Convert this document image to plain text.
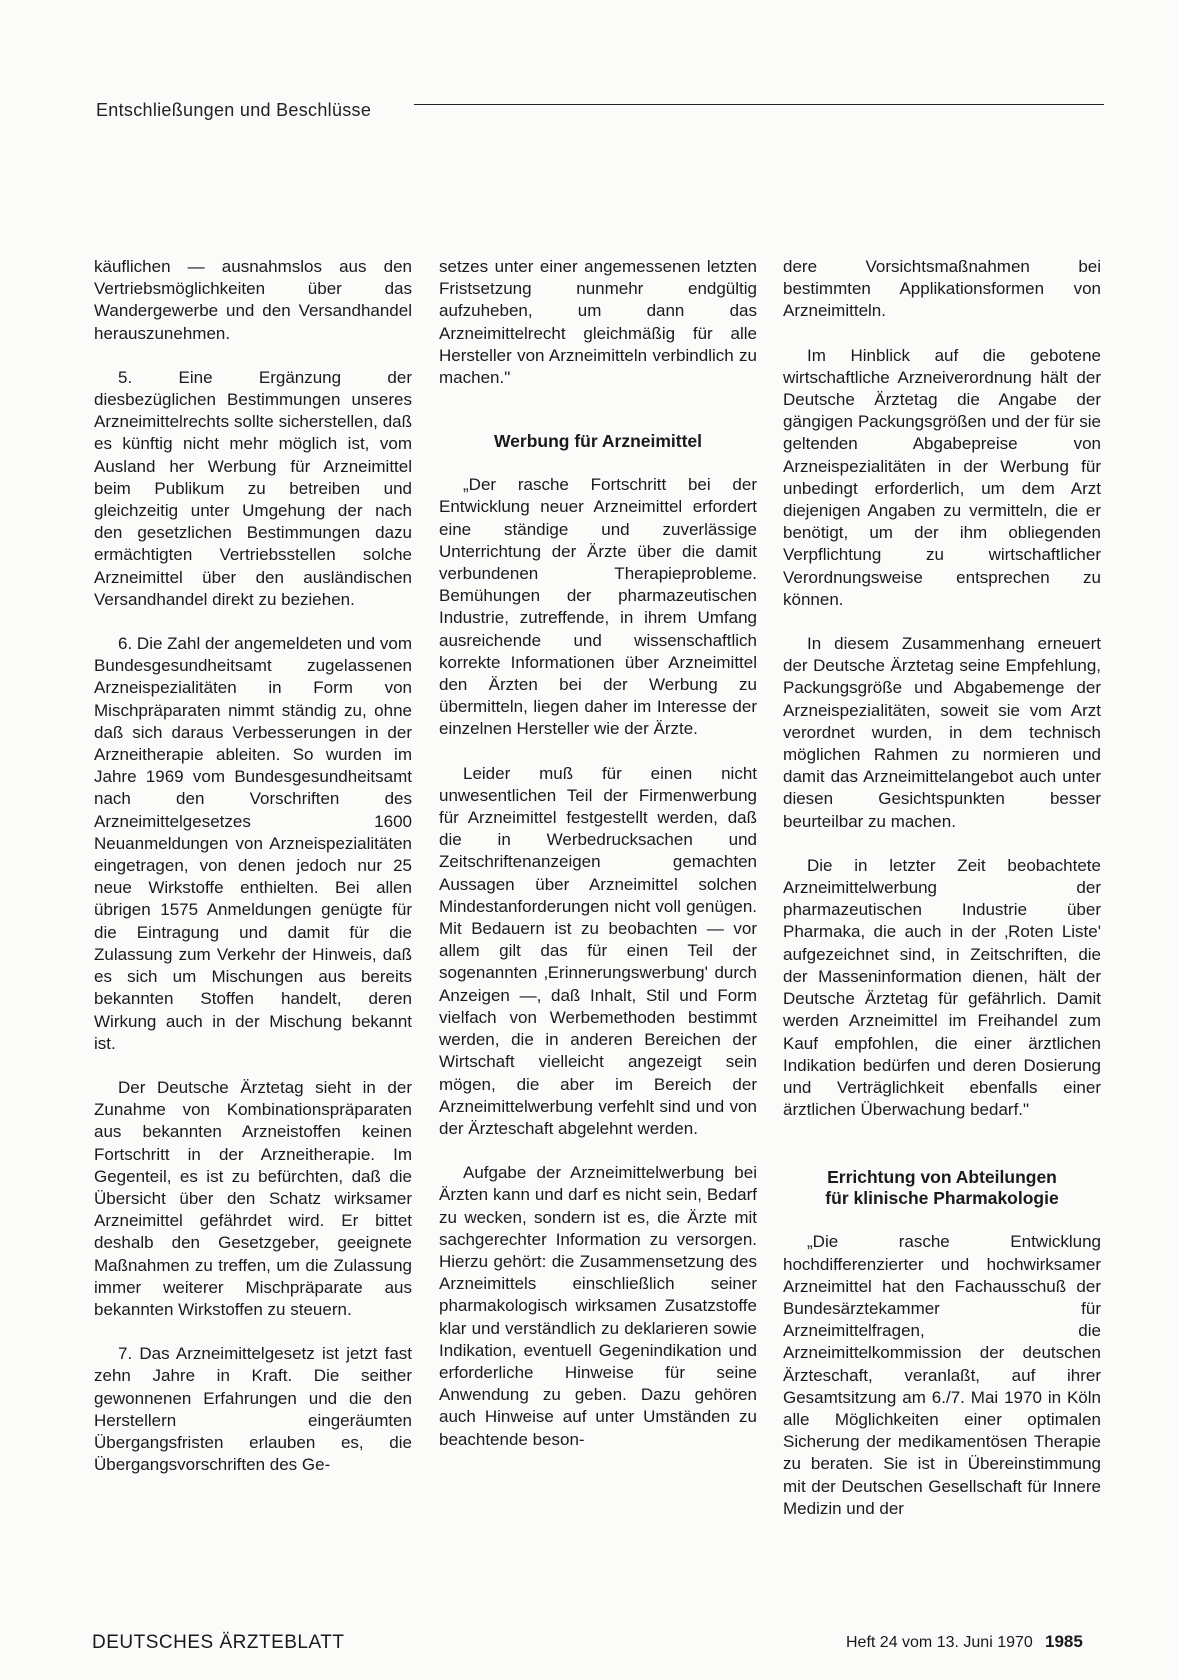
Entschließungen und Beschlüsse

käuflichen — ausnahmslos aus den Vertriebsmöglichkeiten über das Wandergewerbe und den Versandhandel herauszunehmen.

5. Eine Ergänzung der diesbezüglichen Bestimmungen unseres Arzneimittelrechts sollte sicherstellen, daß es künftig nicht mehr möglich ist, vom Ausland her Werbung für Arzneimittel beim Publikum zu betreiben und gleichzeitig unter Umgehung der nach den gesetzlichen Bestimmungen dazu ermächtigten Vertriebsstellen solche Arzneimittel über den ausländischen Versandhandel direkt zu beziehen.

6. Die Zahl der angemeldeten und vom Bundesgesundheitsamt zugelassenen Arzneispezialitäten in Form von Mischpräparaten nimmt ständig zu, ohne daß sich daraus Verbesserungen in der Arzneitherapie ableiten. So wurden im Jahre 1969 vom Bundesgesundheitsamt nach den Vorschriften des Arzneimittelgesetzes 1600 Neuanmeldungen von Arzneispezialitäten eingetragen, von denen jedoch nur 25 neue Wirkstoffe enthielten. Bei allen übrigen 1575 Anmeldungen genügte für die Eintragung und damit für die Zulassung zum Verkehr der Hinweis, daß es sich um Mischungen aus bereits bekannten Stoffen handelt, deren Wirkung auch in der Mischung bekannt ist.

Der Deutsche Ärztetag sieht in der Zunahme von Kombinationspräparaten aus bekannten Arzneistoffen keinen Fortschritt in der Arzneitherapie. Im Gegenteil, es ist zu befürchten, daß die Übersicht über den Schatz wirksamer Arzneimittel gefährdet wird. Er bittet deshalb den Gesetzgeber, geeignete Maßnahmen zu treffen, um die Zulassung immer weiterer Mischpräparate aus bekannten Wirkstoffen zu steuern.

7. Das Arzneimittelgesetz ist jetzt fast zehn Jahre in Kraft. Die seither gewonnenen Erfahrungen und die den Herstellern eingeräumten Übergangsfristen erlauben es, die Übergangsvorschriften des Ge-

setzes unter einer angemessenen letzten Fristsetzung nunmehr endgültig aufzuheben, um dann das Arzneimittelrecht gleichmäßig für alle Hersteller von Arzneimitteln verbindlich zu machen."

Werbung für Arzneimittel

„Der rasche Fortschritt bei der Entwicklung neuer Arzneimittel erfordert eine ständige und zuverlässige Unterrichtung der Ärzte über die damit verbundenen Therapieprobleme. Bemühungen der pharmazeutischen Industrie, zutreffende, in ihrem Umfang ausreichende und wissenschaftlich korrekte Informationen über Arzneimittel den Ärzten bei der Werbung zu übermitteln, liegen daher im Interesse der einzelnen Hersteller wie der Ärzte.

Leider muß für einen nicht unwesentlichen Teil der Firmenwerbung für Arzneimittel festgestellt werden, daß die in Werbedrucksachen und Zeitschriftenanzeigen gemachten Aussagen über Arzneimittel solchen Mindestanforderungen nicht voll genügen. Mit Bedauern ist zu beobachten — vor allem gilt das für einen Teil der sogenannten ‚Erinnerungswerbung' durch Anzeigen —, daß Inhalt, Stil und Form vielfach von Werbemethoden bestimmt werden, die in anderen Bereichen der Wirtschaft vielleicht angezeigt sein mögen, die aber im Bereich der Arzneimittelwerbung verfehlt sind und von der Ärzteschaft abgelehnt werden.

Aufgabe der Arzneimittelwerbung bei Ärzten kann und darf es nicht sein, Bedarf zu wecken, sondern ist es, die Ärzte mit sachgerechter Information zu versorgen. Hierzu gehört: die Zusammensetzung des Arzneimittels einschließlich seiner pharmakologisch wirksamen Zusatzstoffe klar und verständlich zu deklarieren sowie Indikation, eventuell Gegenindikation und erforderliche Hinweise für seine Anwendung zu geben. Dazu gehören auch Hinweise auf unter Umständen zu beachtende beson-

dere Vorsichtsmaßnahmen bei bestimmten Applikationsformen von Arzneimitteln.

Im Hinblick auf die gebotene wirtschaftliche Arzneiverordnung hält der Deutsche Ärztetag die Angabe der gängigen Packungsgrößen und der für sie geltenden Abgabepreise von Arzneispezialitäten in der Werbung für unbedingt erforderlich, um dem Arzt diejenigen Angaben zu vermitteln, die er benötigt, um der ihm obliegenden Verpflichtung zu wirtschaftlicher Verordnungsweise entsprechen zu können.

In diesem Zusammenhang erneuert der Deutsche Ärztetag seine Empfehlung, Packungsgröße und Abgabemenge der Arzneispezialitäten, soweit sie vom Arzt verordnet wurden, in dem technisch möglichen Rahmen zu normieren und damit das Arzneimittelangebot auch unter diesen Gesichtspunkten besser beurteilbar zu machen.

Die in letzter Zeit beobachtete Arzneimittelwerbung der pharmazeutischen Industrie über Pharmaka, die auch in der ‚Roten Liste' aufgezeichnet sind, in Zeitschriften, die der Masseninformation dienen, hält der Deutsche Ärztetag für gefährlich. Damit werden Arzneimittel im Freihandel zum Kauf empfohlen, die einer ärztlichen Indikation bedürfen und deren Dosierung und Verträglichkeit ebenfalls einer ärztlichen Überwachung bedarf."

Errichtung von Abteilungen
für klinische Pharmakologie

„Die rasche Entwicklung hochdifferenzierter und hochwirksamer Arzneimittel hat den Fachausschuß der Bundesärztekammer für Arzneimittelfragen, die Arzneimittelkommission der deutschen Ärzteschaft, veranlaßt, auf ihrer Gesamtsitzung am 6./7. Mai 1970 in Köln alle Möglichkeiten einer optimalen Sicherung der medikamentösen Therapie zu beraten. Sie ist in Übereinstimmung mit der Deutschen Gesellschaft für Innere Medizin und der

DEUTSCHES ÄRZTEBLATT	Heft 24 vom 13. Juni 1970 1985
